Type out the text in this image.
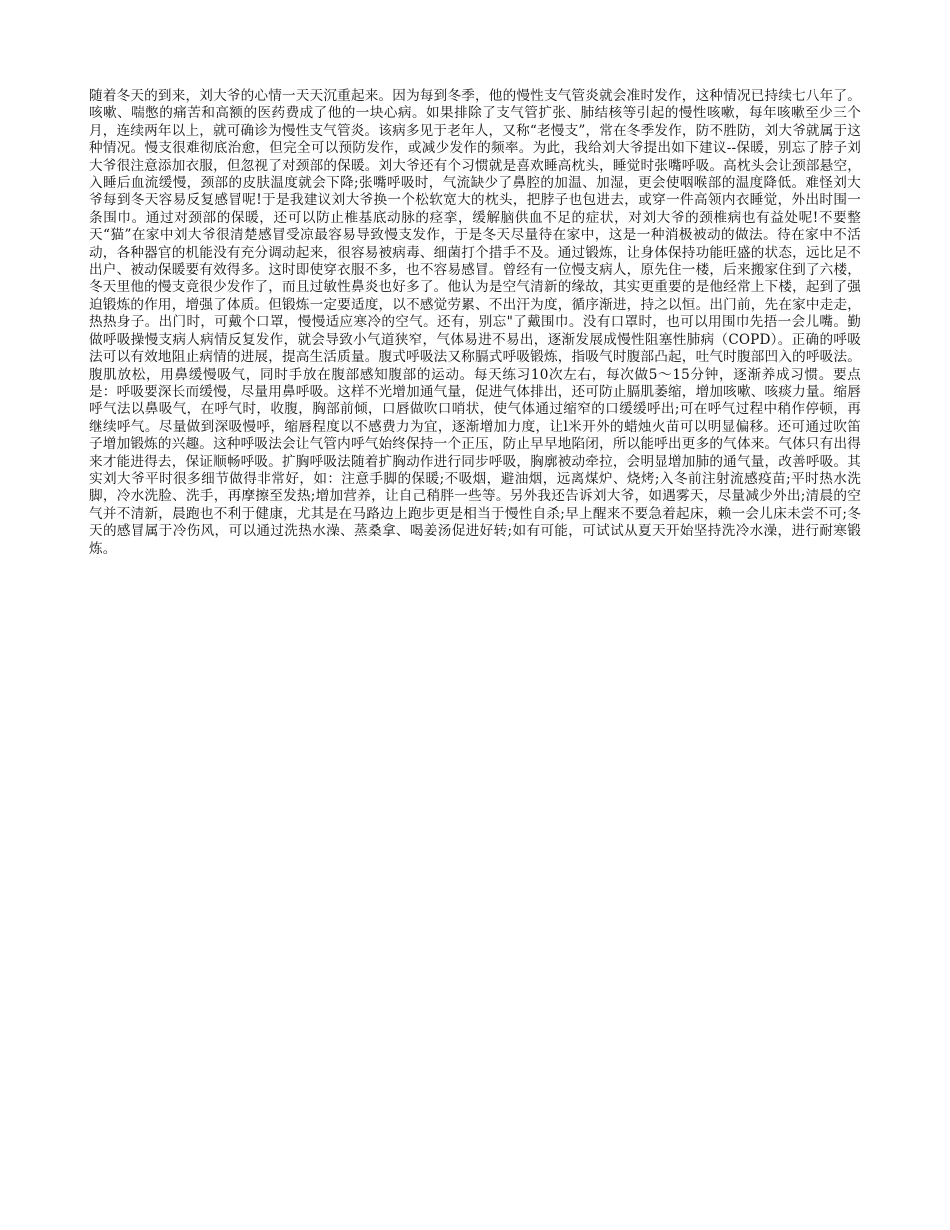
随着冬天的到来，刘大爷的心情一天天沉重起来。因为每到冬季，他的慢性支气管炎就会准时发作，这种情况已持续七八年了。咳嗽、喘憋的痛苦和高额的医药费成了他的一块心病。如果排除了支气管扩张、肺结核等引起的慢性咳嗽，每年咳嗽至少三个月，连续两年以上，就可确诊为慢性支气管炎。该病多见于老年人，又称“老慢支”，常在冬季发作，防不胜防，刘大爷就属于这种情况。慢支很难彻底治愈，但完全可以预防发作，或减少发作的频率。为此，我给刘大爷提出如下建议--保暖，别忘了脖子刘大爷很注意添加衣服，但忽视了对颈部的保暖。刘大爷还有个习惯就是喜欢睡高枕头，睡觉时张嘴呼吸。高枕头会让颈部悬空，入睡后血流缓慢，颈部的皮肤温度就会下降;张嘴呼吸时，气流缺少了鼻腔的加温、加湿，更会使咽喉部的温度降低。难怪刘大爷每到冬天容易反复感冒呢!于是我建议刘大爷换一个松软宽大的枕头，把脖子也包进去，或穿一件高领内衣睡觉，外出时围一条围巾。通过对颈部的保暖，还可以防止椎基底动脉的痉挛，缓解脑供血不足的症状，对刘大爷的颈椎病也有益处呢!不要整天“猫”在家中刘大爷很清楚感冒受凉最容易导致慢支发作，于是冬天尽量待在家中，这是一种消极被动的做法。待在家中不活动，各种器官的机能没有充分调动起来，很容易被病毒、细菌打个措手不及。通过锻炼，让身体保持功能旺盛的状态，远比足不出户、被动保暖要有效得多。这时即使穿衣服不多，也不容易感冒。曾经有一位慢支病人，原先住一楼，后来搬家住到了六楼，冬天里他的慢支竟很少发作了，而且过敏性鼻炎也好多了。他认为是空气清新的缘故，其实更重要的是他经常上下楼，起到了强迫锻炼的作用，增强了体质。但锻炼一定要适度，以不感觉劳累、不出汗为度，循序渐进，持之以恒。出门前，先在家中走走，热热身子。出门时，可戴个口罩，慢慢适应寒冷的空气。还有，别忘"了戴围巾。没有口罩时，也可以用围巾先捂一会儿嘴。勤做呼吸操慢支病人病情反复发作，就会导致小气道狭窄，气体易进不易出，逐渐发展成慢性阻塞性肺病（COPD）。正确的呼吸法可以有效地阻止病情的进展，提高生活质量。腹式呼吸法又称膈式呼吸锻炼，指吸气时腹部凸起，吐气时腹部凹入的呼吸法。腹肌放松，用鼻缓慢吸气，同时手放在腹部感知腹部的运动。每天练习10次左右，每次做5～15分钟，逐渐养成习惯。要点是：呼吸要深长而缓慢，尽量用鼻呼吸。这样不光增加通气量，促进气体排出，还可防止膈肌萎缩，增加咳嗽、咳痰力量。缩唇呼气法以鼻吸气，在呼气时，收腹，胸部前倾，口唇做吹口哨状，使气体通过缩窄的口缓缓呼出;可在呼气过程中稍作停顿，再继续呼气。尽量做到深吸慢呼，缩唇程度以不感费力为宜，逐渐增加力度，让l米开外的蜡烛火苗可以明显偏移。还可通过吹笛子增加锻炼的兴趣。这种呼吸法会让气管内呼气始终保持一个正压，防止早早地陷闭，所以能呼出更多的气体来。气体只有出得来才能进得去，保证顺畅呼吸。扩胸呼吸法随着扩胸动作进行同步呼吸，胸廓被动牵拉，会明显增加肺的通气量，改善呼吸。其实刘大爷平时很多细节做得非常好，如：注意手脚的保暖;不吸烟，避油烟，远离煤炉、烧烤;入冬前注射流感疫苗;平时热水洗脚，冷水洗脸、洗手，再摩擦至发热;增加营养，让自己稍胖一些等。另外我还告诉刘大爷，如遇雾天，尽量减少外出;清晨的空气并不清新，晨跑也不利于健康，尤其是在马路边上跑步更是相当于慢性自杀;早上醒来不要急着起床，赖一会儿床未尝不可;冬天的感冒属于冷伤风，可以通过洗热水澡、蒸桑拿、喝姜汤促进好转;如有可能，可试试从夏天开始坚持洗冷水澡，进行耐寒锻炼。
